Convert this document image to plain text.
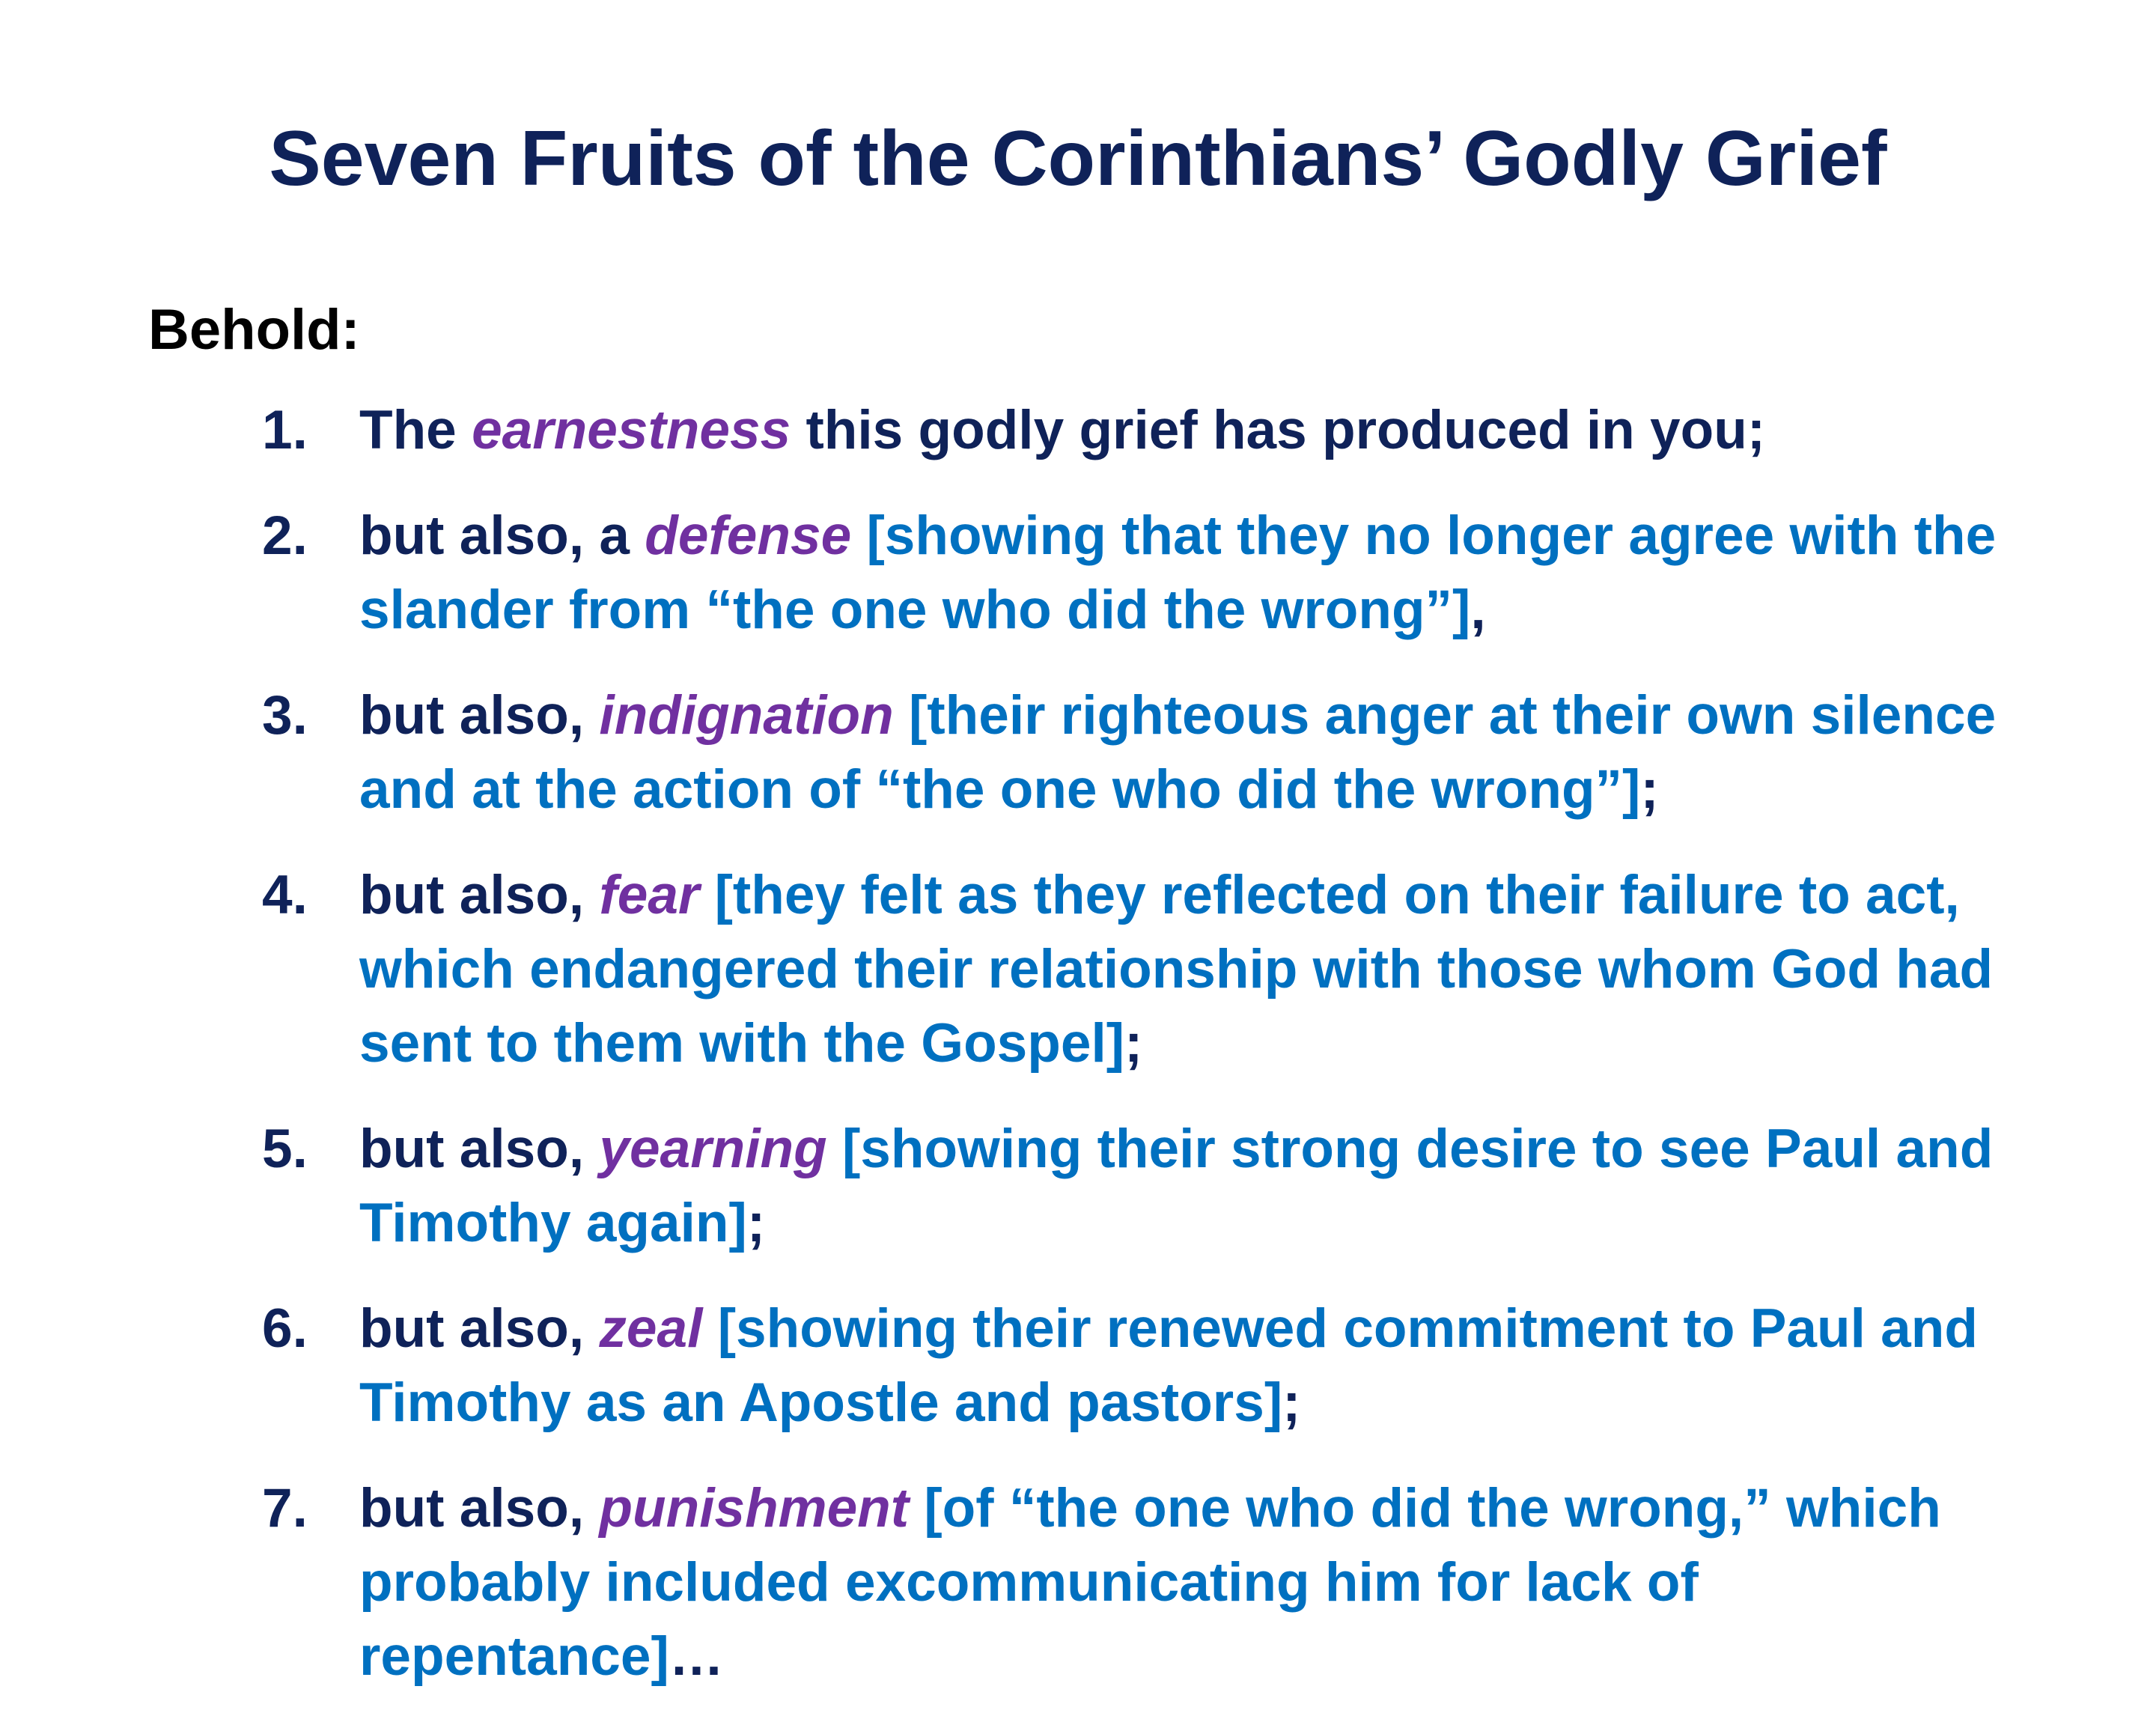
Seven Fruits of the Corinthians’ Godly Grief
Behold:
1. The earnestness this godly grief has produced in you;
2. but also, a defense [showing that they no longer agree with the slander from “the one who did the wrong”],
3. but also, indignation [their righteous anger at their own silence and at the action of “the one who did the wrong”];
4. but also, fear [they felt as they reflected on their failure to act, which endangered their relationship with those whom God had sent to them with the Gospel];
5. but also, yearning [showing their strong desire to see Paul and Timothy again];
6. but also, zeal [showing their renewed commitment to Paul and Timothy as an Apostle and pastors];
7. but also, punishment [of “the one who did the wrong,” which probably included excommunicating him for lack of repentance]…
